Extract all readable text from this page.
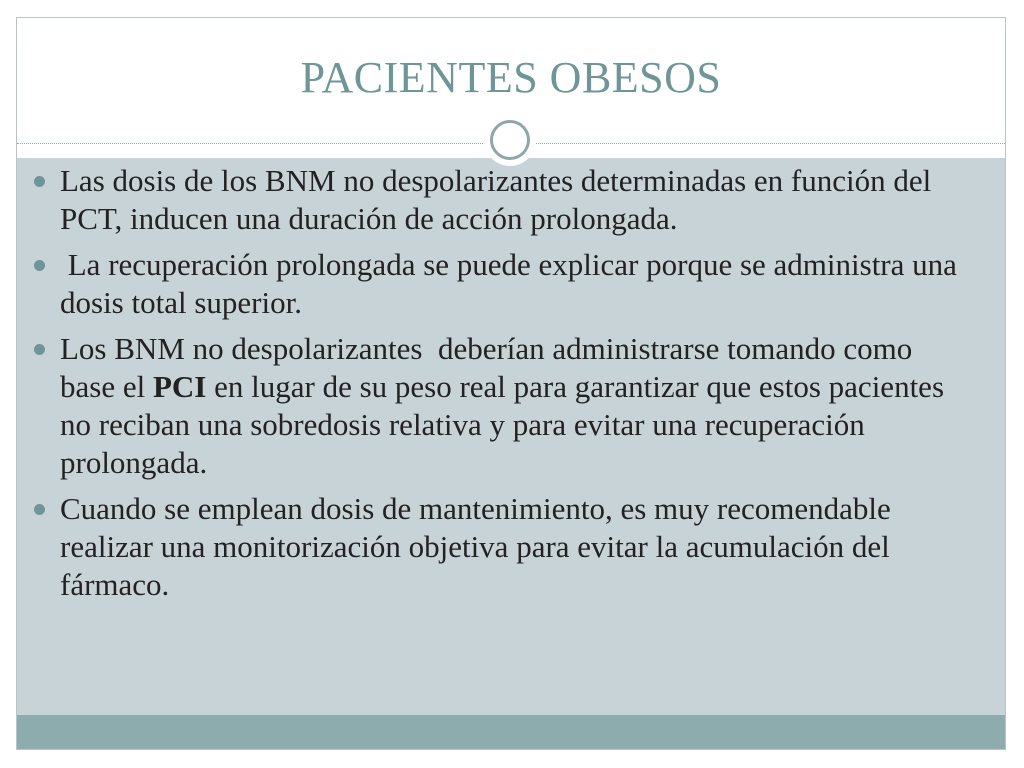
PACIENTES OBESOS
Las dosis de los BNM no despolarizantes determinadas en función del PCT, inducen una duración de acción prolongada.
La recuperación prolongada se puede explicar porque se administra una dosis total superior.
Los BNM no despolarizantes  deberían administrarse tomando como base el PCI en lugar de su peso real para garantizar que estos pacientes no reciban una sobredosis relativa y para evitar una recuperación prolongada.
Cuando se emplean dosis de mantenimiento, es muy recomendable realizar una monitorización objetiva para evitar la acumulación del fármaco.
